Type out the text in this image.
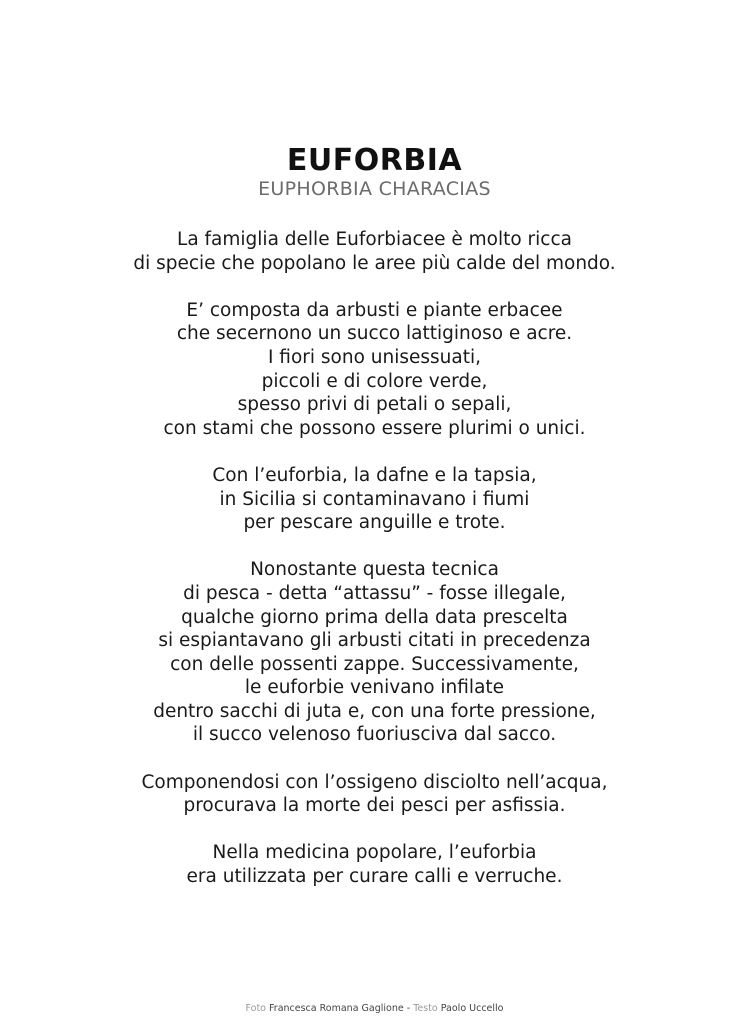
EUFORBIA
EUPHORBIA CHARACIAS
La famiglia delle Euforbiacee è molto ricca
di specie che popolano le aree più calde del mondo.
E’ composta da arbusti e piante erbacee
che secernono un succo lattiginoso e acre.
I fiori sono unisessuati,
piccoli e di colore verde,
spesso privi di petali o sepali,
con stami che possono essere plurimi o unici.
Con l’euforbia, la dafne e la tapsia,
in Sicilia si contaminavano i fiumi
per pescare anguille e trote.
Nonostante questa tecnica
di pesca - detta “attassu” - fosse illegale,
qualche giorno prima della data prescelta
si espiantavano gli arbusti citati in precedenza
con delle possenti zappe. Successivamente,
le euforbie venivano infilate
dentro sacchi di juta e, con una forte pressione,
il succo velenoso fuoriusciva dal sacco.
Componendosi con l’ossigeno disciolto nell’acqua,
procurava la morte dei pesci per asfissia.
Nella medicina popolare, l’euforbia
era utilizzata per curare calli e verruche.
Foto Francesca Romana Gaglione - Testo Paolo Uccello
